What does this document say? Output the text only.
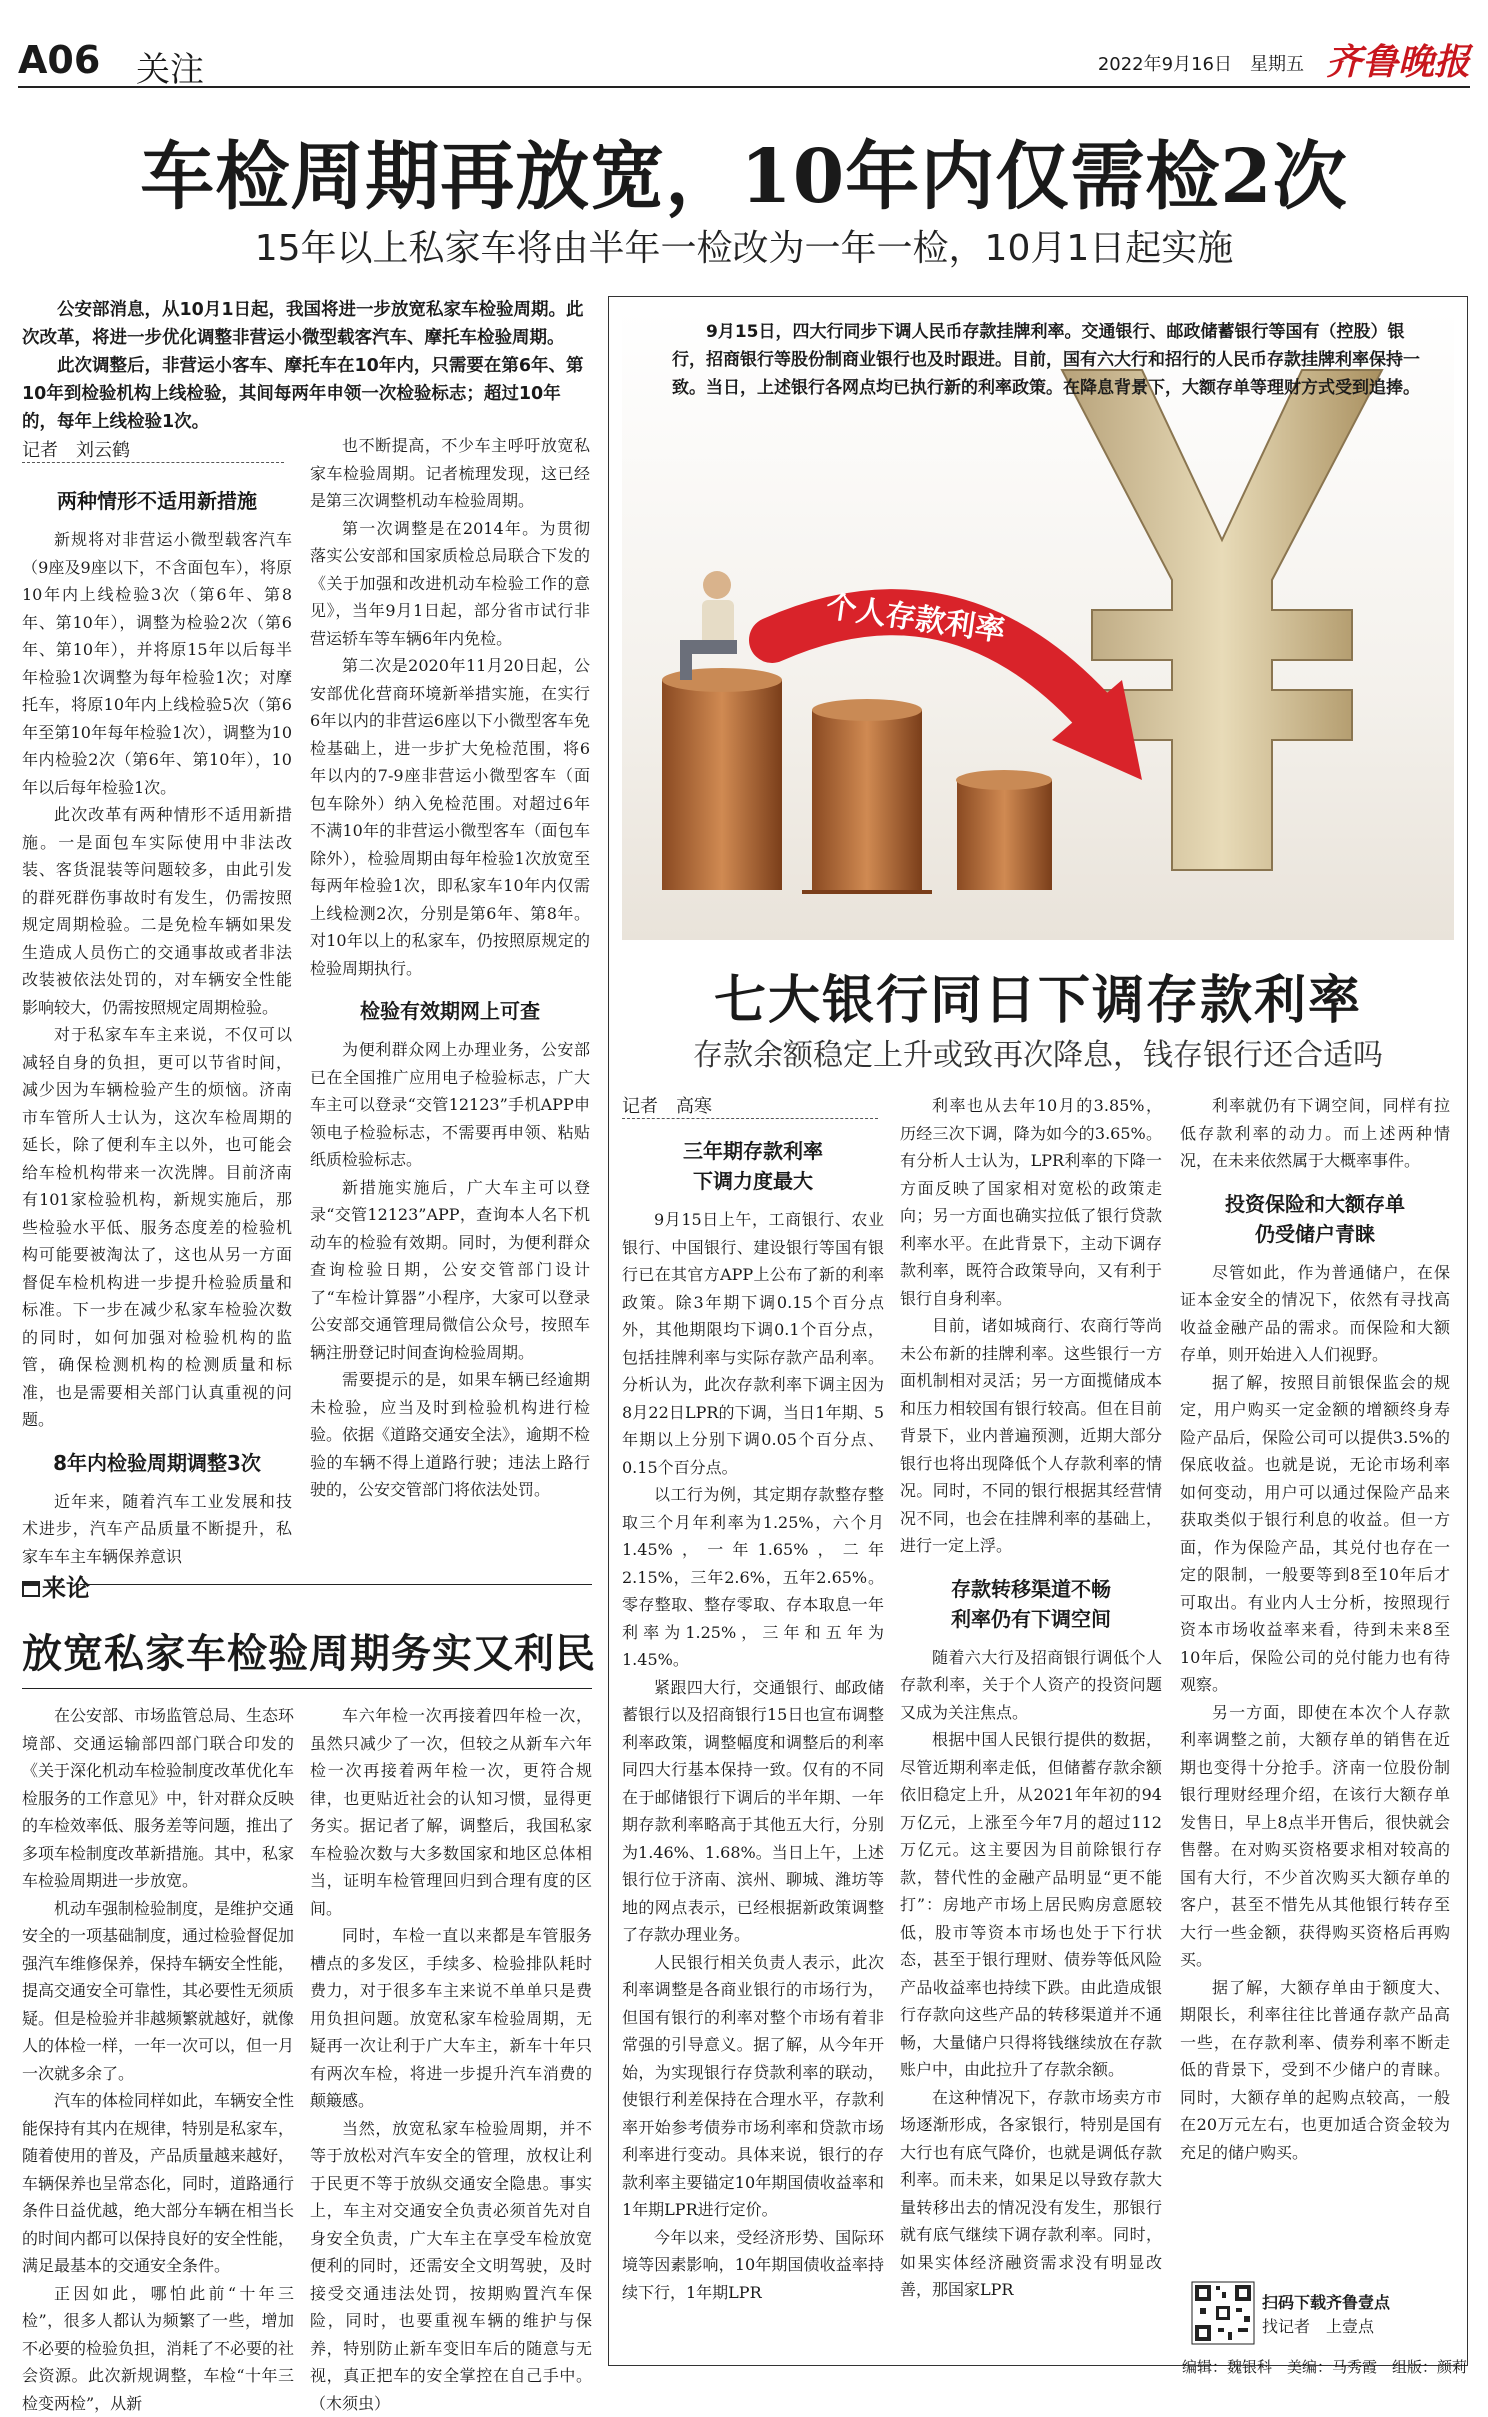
A06 关注	2022年9月16日　星期五 齐鲁晚报
车检周期再放宽，10年内仅需检2次
15年以上私家车将由半年一检改为一年一检，10月1日起实施

公安部消息，从10月1日起，我国将进一步放宽私家车检验周期。此次改革，将进一步优化调整非营运小微型载客汽车、摩托车检验周期。

此次调整后，非营运小客车、摩托车在10年内，只需要在第6年、第10年到检验机构上线检验，其间每两年申领一次检验标志；超过10年的，每年上线检验1次。

记者　刘云鹤
两种情形不适用新措施

新规将对非营运小微型载客汽车（9座及9座以下，不含面包车），将原10年内上线检验3次（第6年、第8年、第10年），调整为检验2次（第6年、第10年），并将原15年以后每半年检验1次调整为每年检验1次；对摩托车，将原10年内上线检验5次（第6年至第10年每年检验1次），调整为10年内检验2次（第6年、第10年），10年以后每年检验1次。

此次改革有两种情形不适用新措施。一是面包车实际使用中非法改装、客货混装等问题较多，由此引发的群死群伤事故时有发生，仍需按照规定周期检验。二是免检车辆如果发生造成人员伤亡的交通事故或者非法改装被依法处罚的，对车辆安全性能影响较大，仍需按照规定周期检验。

对于私家车车主来说，不仅可以减轻自身的负担，更可以节省时间，减少因为车辆检验产生的烦恼。济南市车管所人士认为，这次车检周期的延长，除了便利车主以外，也可能会给车检机构带来一次洗牌。目前济南有101家检验机构，新规实施后，那些检验水平低、服务态度差的检验机构可能要被淘汰了，这也从另一方面督促车检机构进一步提升检验质量和标准。下一步在减少私家车检验次数的同时，如何加强对检验机构的监管，确保检测机构的检测质量和标准，也是需要相关部门认真重视的问题。

8年内检验周期调整3次

近年来，随着汽车工业发展和技术进步，汽车产品质量不断提升，私家车车主车辆保养意识

也不断提高，不少车主呼吁放宽私家车检验周期。记者梳理发现，这已经是第三次调整机动车检验周期。

第一次调整是在2014年。为贯彻落实公安部和国家质检总局联合下发的《关于加强和改进机动车检验工作的意见》，当年9月1日起，部分省市试行非营运轿车等车辆6年内免检。

第二次是2020年11月20日起，公安部优化营商环境新举措实施，在实行6年以内的非营运6座以下小微型客车免检基础上，进一步扩大免检范围，将6年以内的7-9座非营运小微型客车（面包车除外）纳入免检范围。对超过6年不满10年的非营运小微型客车（面包车除外），检验周期由每年检验1次放宽至每两年检验1次，即私家车10年内仅需上线检测2次，分别是第6年、第8年。对10年以上的私家车，仍按照原规定的检验周期执行。

检验有效期网上可查

为便利群众网上办理业务，公安部已在全国推广应用电子检验标志，广大车主可以登录“交管12123”手机APP申领电子检验标志，不需要再申领、粘贴纸质检验标志。

新措施实施后，广大车主可以登录“交管12123”APP，查询本人名下机动车的检验有效期。同时，为便利群众查询检验日期，公安交管部门设计了“车检计算器”小程序，大家可以登录公安部交通管理局微信公众号，按照车辆注册登记时间查询检验周期。

需要提示的是，如果车辆已经逾期未检验，应当及时到检验机构进行检验。依据《道路交通安全法》，逾期不检验的车辆不得上道路行驶；违法上路行驶的，公安交管部门将依法处罚。

来论
放宽私家车检验周期务实又利民

在公安部、市场监管总局、生态环境部、交通运输部四部门联合印发的《关于深化机动车检验制度改革优化车检服务的工作意见》中，针对群众反映的车检效率低、服务差等问题，推出了多项车检制度改革新措施。其中，私家车检验周期进一步放宽。

机动车强制检验制度，是维护交通安全的一项基础制度，通过检验督促加强汽车维修保养，保持车辆安全性能，提高交通安全可靠性，其必要性无须质疑。但是检验并非越频繁就越好，就像人的体检一样，一年一次可以，但一月一次就多余了。

汽车的体检同样如此，车辆安全性能保持有其内在规律，特别是私家车，随着使用的普及，产品质量越来越好，车辆保养也呈常态化，同时，道路通行条件日益优越，绝大部分车辆在相当长的时间内都可以保持良好的安全性能，满足最基本的交通安全条件。

正因如此，哪怕此前“十年三检”，很多人都认为频繁了一些，增加不必要的检验负担，消耗了不必要的社会资源。此次新规调整，车检“十年三检变两检”，从新

车六年检一次再接着四年检一次，虽然只减少了一次，但较之从新车六年检一次再接着两年检一次，更符合规律，也更贴近社会的认知习惯，显得更务实。据记者了解，调整后，我国私家车检验次数与大多数国家和地区总体相当，证明车检管理回归到合理有度的区间。

同时，车检一直以来都是车管服务槽点的多发区，手续多、检验排队耗时费力，对于很多车主来说不单单只是费用负担问题。放宽私家车检验周期，无疑再一次让利于广大车主，新车十年只有两次车检，将进一步提升汽车消费的颠簸感。

当然，放宽私家车检验周期，并不等于放松对汽车安全的管理，放权让利于民更不等于放纵交通安全隐患。事实上，车主对交通安全负责必须首先对自身安全负责，广大车主在享受车检放宽便利的同时，还需安全文明驾驶，及时接受交通违法处罚，按期购置汽车保险，同时，也要重视车辆的维护与保养，特别防止新车变旧车后的随意与无视，真正把车的安全掌控在自己手中。（木须虫）

个人存款利率
9月15日，四大行同步下调人民币存款挂牌利率。交通银行、邮政储蓄银行等国有（控股）银行，招商银行等股份制商业银行也及时跟进。目前，国有六大行和招行的人民币存款挂牌利率保持一致。当日，上述银行各网点均已执行新的利率政策。在降息背景下，大额存单等理财方式受到追捧。
七大银行同日下调存款利率
存款余额稳定上升或致再次降息，钱存银行还合适吗
记者　高寒
三年期存款利率
下调力度最大

9月15日上午，工商银行、农业银行、中国银行、建设银行等国有银行已在其官方APP上公布了新的利率政策。除3年期下调0.15个百分点外，其他期限均下调0.1个百分点，包括挂牌利率与实际存款产品利率。分析认为，此次存款利率下调主因为8月22日LPR的下调，当日1年期、5年期以上分别下调0.05个百分点、0.15个百分点。

以工行为例，其定期存款整存整取三个月年利率为1.25%，六个月1.45%，一年1.65%，二年2.15%，三年2.6%，五年2.65%。零存整取、整存零取、存本取息一年利率为1.25%，三年和五年为1.45%。

紧跟四大行，交通银行、邮政储蓄银行以及招商银行15日也宣布调整利率政策，调整幅度和调整后的利率同四大行基本保持一致。仅有的不同在于邮储银行下调后的半年期、一年期存款利率略高于其他五大行，分别为1.46%、1.68%。当日上午，上述银行位于济南、滨州、聊城、潍坊等地的网点表示，已经根据新政策调整了存款办理业务。

人民银行相关负责人表示，此次利率调整是各商业银行的市场行为，但国有银行的利率对整个市场有着非常强的引导意义。据了解，从今年开始，为实现银行存贷款利率的联动，使银行利差保持在合理水平，存款利率开始参考债券市场利率和贷款市场利率进行变动。具体来说，银行的存款利率主要锚定10年期国债收益率和1年期LPR进行定价。

今年以来，受经济形势、国际环境等因素影响，10年期国债收益率持续下行，1年期LPR

利率也从去年10月的3.85%，历经三次下调，降为如今的3.65%。有分析人士认为，LPR利率的下降一方面反映了国家相对宽松的政策走向；另一方面也确实拉低了银行贷款利率水平。在此背景下，主动下调存款利率，既符合政策导向，又有利于银行自身利率。

目前，诸如城商行、农商行等尚未公布新的挂牌利率。这些银行一方面机制相对灵活；另一方面揽储成本和压力相较国有银行较高。但在目前背景下，业内普遍预测，近期大部分银行也将出现降低个人存款利率的情况。同时，不同的银行根据其经营情况不同，也会在挂牌利率的基础上，进行一定上浮。

存款转移渠道不畅
利率仍有下调空间

随着六大行及招商银行调低个人存款利率，关于个人资产的投资问题又成为关注焦点。

根据中国人民银行提供的数据，尽管近期利率走低，但储蓄存款余额依旧稳定上升，从2021年年初的94万亿元，上涨至今年7月的超过112万亿元。这主要因为目前除银行存款，替代性的金融产品明显“更不能打”：房地产市场上居民购房意愿较低，股市等资本市场也处于下行状态，甚至于银行理财、债券等低风险产品收益率也持续下跌。由此造成银行存款向这些产品的转移渠道并不通畅，大量储户只得将钱继续放在存款账户中，由此拉升了存款余额。

在这种情况下，存款市场卖方市场逐渐形成，各家银行，特别是国有大行也有底气降价，也就是调低存款利率。而未来，如果足以导致存款大量转移出去的情况没有发生，那银行就有底气继续下调存款利率。同时，如果实体经济融资需求没有明显改善，那国家LPR

利率就仍有下调空间，同样有拉低存款利率的动力。而上述两种情况，在未来依然属于大概率事件。

投资保险和大额存单
仍受储户青睐

尽管如此，作为普通储户，在保证本金安全的情况下，依然有寻找高收益金融产品的需求。而保险和大额存单，则开始进入人们视野。

据了解，按照目前银保监会的规定，用户购买一定金额的增额终身寿险产品后，保险公司可以提供3.5%的保底收益。也就是说，无论市场利率如何变动，用户可以通过保险产品来获取类似于银行利息的收益。但一方面，作为保险产品，其兑付也存在一定的限制，一般要等到8至10年后才可取出。有业内人士分析，按照现行资本市场收益率来看，待到未来8至10年后，保险公司的兑付能力也有待观察。

另一方面，即使在本次个人存款利率调整之前，大额存单的销售在近期也变得十分抢手。济南一位股份制银行理财经理介绍，在该行大额存单发售日，早上8点半开售后，很快就会售罄。在对购买资格要求相对较高的国有大行，不少首次购买大额存单的客户，甚至不惜先从其他银行转存至大行一些金额，获得购买资格后再购买。

据了解，大额存单由于额度大、期限长，利率往往比普通存款产品高一些，在存款利率、债券利率不断走低的背景下，受到不少储户的青睐。同时，大额存单的起购点较高，一般在20万元左右，也更加适合资金较为充足的储户购买。

扫码下载齐鲁壹点
找记者　上壹点
编辑：魏银科　美编：马秀霞　组版：颜莉
